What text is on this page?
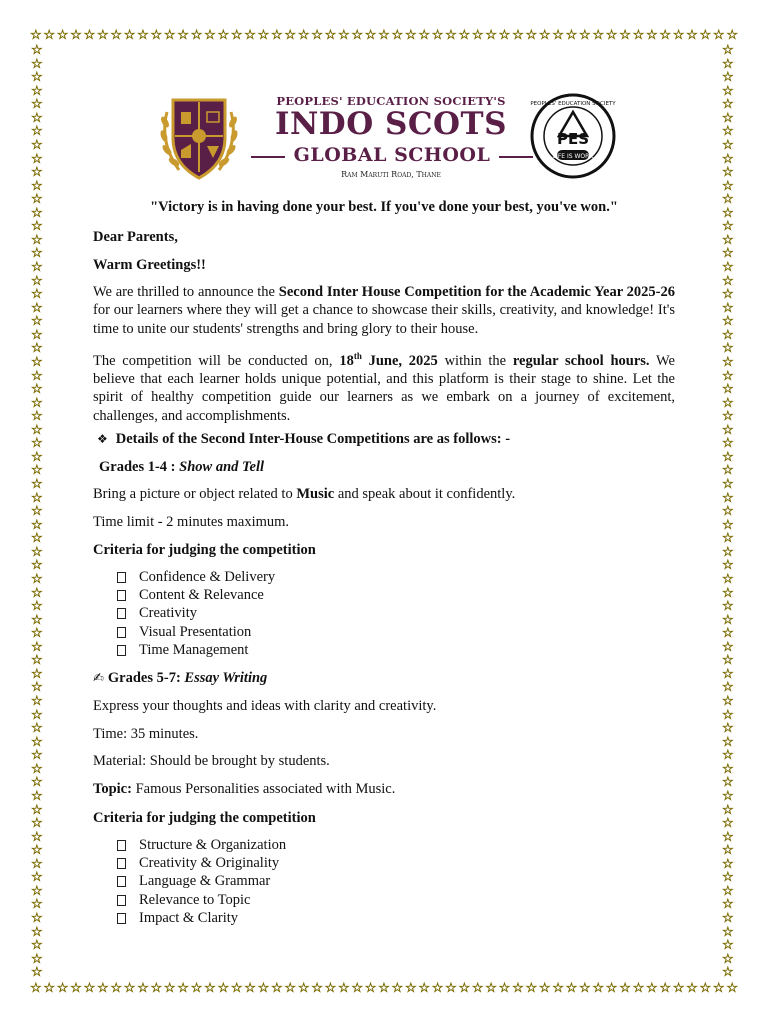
☆ ☆ ☆ ☆ ☆ ☆ ☆ ☆ ☆ ☆ ☆ ☆ ☆ ☆ ☆ ☆ ☆ ☆ ☆ ☆ ☆ ☆ ☆ ☆ ☆ ☆ ☆ ☆ ☆ ☆ ☆ ☆ ☆ ☆ ☆ ☆ ☆ ☆ ☆ ☆ ☆ ☆ ☆ ☆ ☆ ☆ ☆ ☆ ☆ ☆ ☆ ☆ ☆
☆ ☆ ☆ ☆ ☆ ☆ ☆ ☆ ☆ ☆ ☆ ☆ ☆ ☆ ☆ ☆ ☆ ☆ ☆ ☆ ☆ ☆ ☆ ☆ ☆ ☆ ☆ ☆ ☆ ☆ ☆ ☆ ☆ ☆ ☆ ☆ ☆ ☆ ☆ ☆ ☆ ☆ ☆ ☆ ☆ ☆ ☆ ☆ ☆ ☆ ☆ ☆ ☆
☆
☆
☆
☆
☆
☆
☆
☆
☆
☆
☆
☆
☆
☆
☆
☆
☆
☆
☆
☆
☆
☆
☆
☆
☆
☆
☆
☆
☆
☆
☆
☆
☆
☆
☆
☆
☆
☆
☆
☆
☆
☆
☆
☆
☆
☆
☆
☆
☆
☆
☆
☆
☆
☆
☆
☆
☆
☆
☆
☆
☆
☆
☆
☆
☆
☆
☆
☆
☆
☆
☆
☆
☆
☆
☆
☆
☆
☆
☆
☆
☆
☆
☆
☆
☆
☆
☆
☆
☆
☆
☆
☆
☆
☆
☆
☆
☆
☆
☆
☆
☆
☆
☆
☆
☆
☆
☆
☆
☆
☆
☆
☆
☆
☆
☆
☆
☆
☆
☆
☆
☆
☆
☆
☆
☆
☆
☆
☆
☆
☆
☆
☆
☆
☆
☆
☆
☆
☆
PEOPLES' EDUCATION SOCIETY'S
INDO SCOTS
GLOBAL SCHOOL
Ram Maruti Road, Thane
PES
LIFE IS WORK
PEOPLES' EDUCATION SOCIETY
"Victory is in having done your best. If you've done your best, you've won."
Dear Parents,
Warm Greetings!!
We are thrilled to announce the Second Inter House Competition for the Academic Year 2025-26 for our learners where they will get a chance to showcase their skills, creativity, and knowledge! It's time to unite our students' strengths and bring glory to their house.
The competition will be conducted on, 18th June, 2025 within the regular school hours. We believe that each learner holds unique potential, and this platform is their stage to shine. Let the spirit of healthy competition guide our learners as we embark on a journey of excitement, challenges, and accomplishments.
❖ Details of the Second Inter-House Competitions are as follows: -
Grades 1-4 : Show and Tell
Bring a picture or object related to Music and speak about it confidently.
Time limit - 2 minutes maximum.
Criteria for judging the competition
Confidence & Delivery
Content & Relevance
Creativity
Visual Presentation
Time Management
✍ Grades 5-7: Essay Writing
Express your thoughts and ideas with clarity and creativity.
Time: 35 minutes.
Material: Should be brought by students.
Topic: Famous Personalities associated with Music.
Criteria for judging the competition
Structure & Organization
Creativity & Originality
Language & Grammar
Relevance to Topic
Impact & Clarity
